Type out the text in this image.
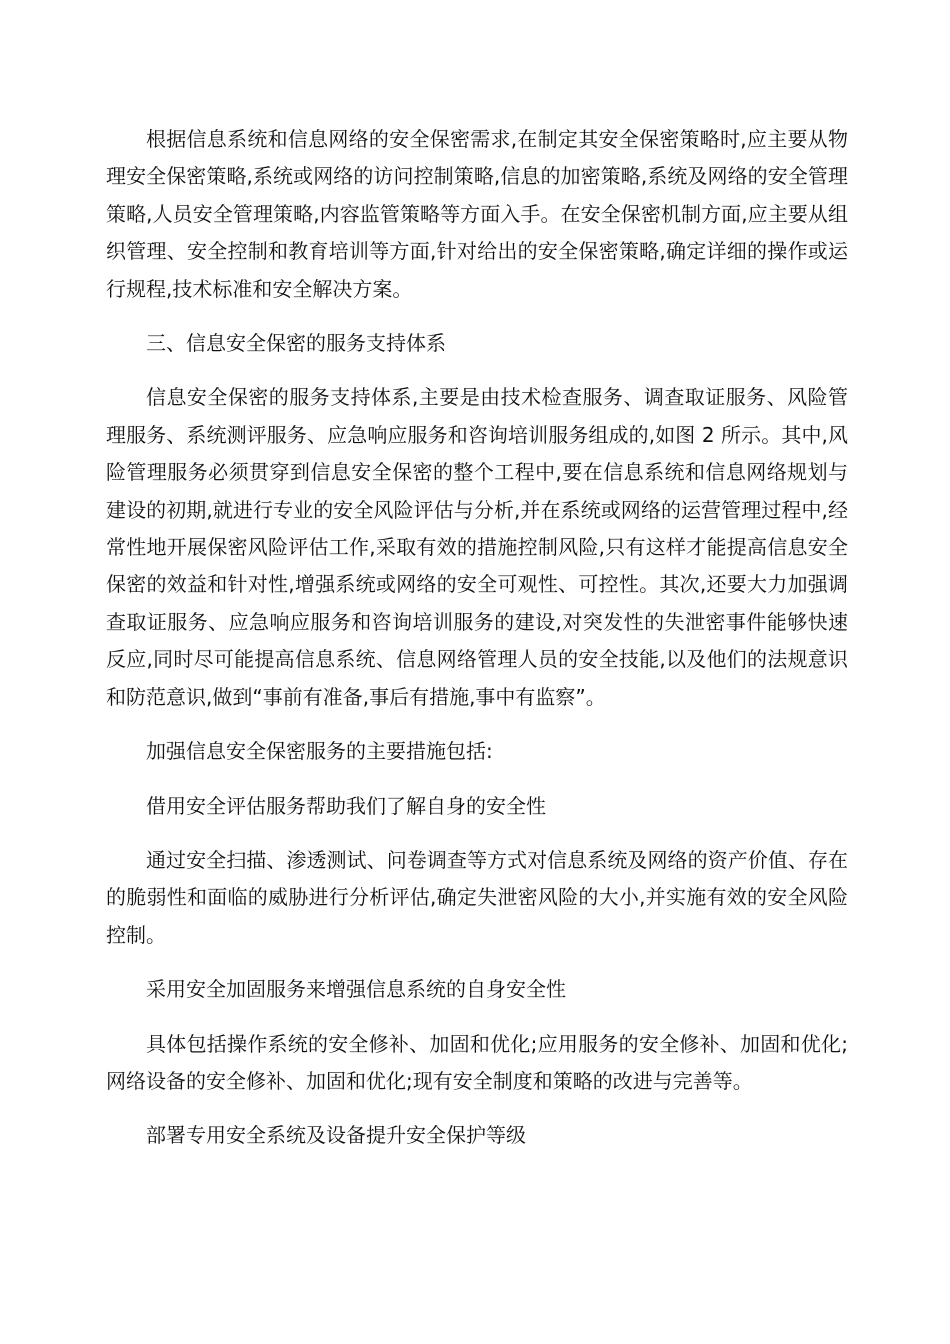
根据信息系统和信息网络的安全保密需求,在制定其安全保密策略时,应主要从物理安全保密策略,系统或网络的访问控制策略,信息的加密策略,系统及网络的安全管理策略,人员安全管理策略,内容监管策略等方面入手。在安全保密机制方面,应主要从组织管理、安全控制和教育培训等方面,针对给出的安全保密策略,确定详细的操作或运行规程,技术标准和安全解决方案。

三、信息安全保密的服务支持体系

信息安全保密的服务支持体系,主要是由技术检查服务、调查取证服务、风险管理服务、系统测评服务、应急响应服务和咨询培训服务组成的,如图 2 所示。其中,风险管理服务必须贯穿到信息安全保密的整个工程中,要在信息系统和信息网络规划与建设的初期,就进行专业的安全风险评估与分析,并在系统或网络的运营管理过程中,经常性地开展保密风险评估工作,采取有效的措施控制风险,只有这样才能提高信息安全保密的效益和针对性,增强系统或网络的安全可观性、可控性。其次,还要大力加强调查取证服务、应急响应服务和咨询培训服务的建设,对突发性的失泄密事件能够快速反应,同时尽可能提高信息系统、信息网络管理人员的安全技能,以及他们的法规意识和防范意识,做到“事前有准备,事后有措施,事中有监察”。

加强信息安全保密服务的主要措施包括:

借用安全评估服务帮助我们了解自身的安全性

通过安全扫描、渗透测试、问卷调查等方式对信息系统及网络的资产价值、存在的脆弱性和面临的威胁进行分析评估,确定失泄密风险的大小,并实施有效的安全风险控制。

采用安全加固服务来增强信息系统的自身安全性

具体包括操作系统的安全修补、加固和优化;应用服务的安全修补、加固和优化;网络设备的安全修补、加固和优化;现有安全制度和策略的改进与完善等。

部署专用安全系统及设备提升安全保护等级
